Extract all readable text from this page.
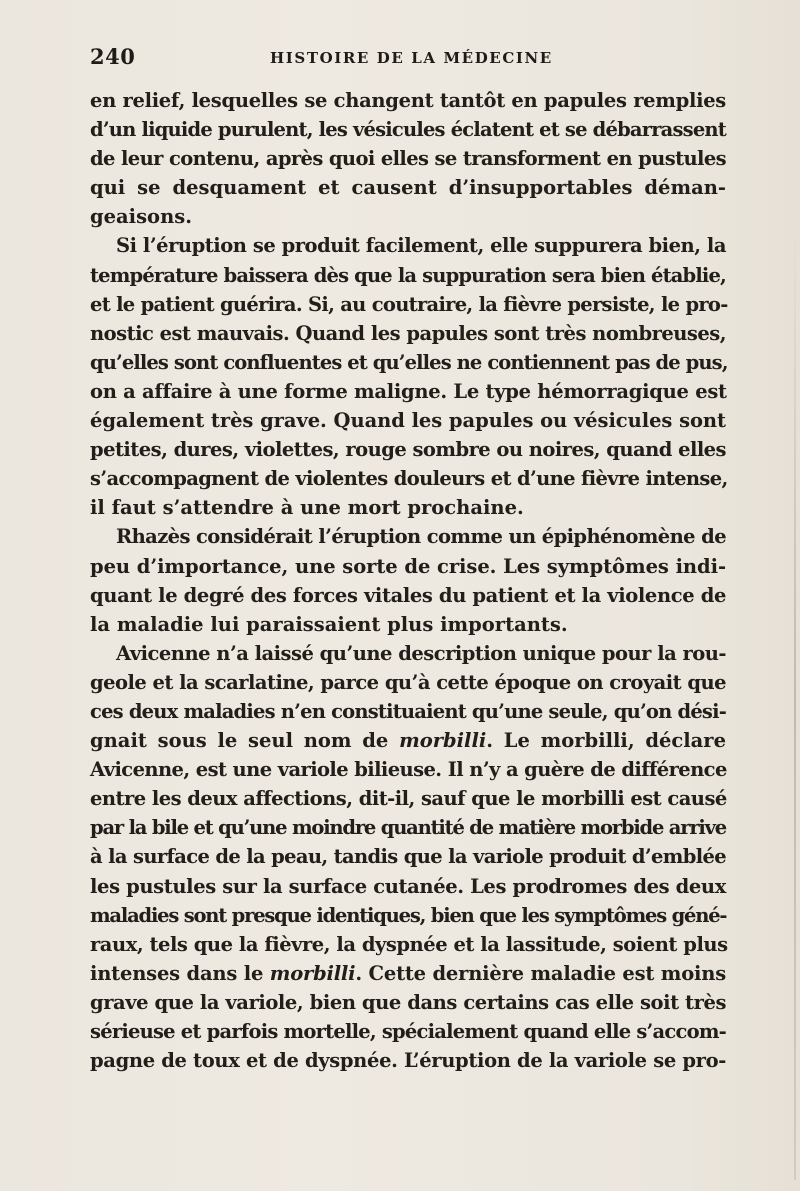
240	HISTOIRE DE LA MÉDECINE
en relief, lesquelles se changent tantôt en papules remplies
d’un liquide purulent, les vésicules éclatent et se débarrassent
de leur contenu, après quoi elles se transforment en pustules
qui se desquament et causent d’insupportables déman-
geaisons.
Si l’éruption se produit facilement, elle suppurera bien, la
température baissera dès que la suppuration sera bien établie,
et le patient guérira. Si, au coutraire, la fièvre persiste, le pro-
nostic est mauvais. Quand les papules sont très nombreuses,
qu’elles sont confluentes et qu’elles ne contiennent pas de pus,
on a affaire à une forme maligne. Le type hémorragique est
également très grave. Quand les papules ou vésicules sont
petites, dures, violettes, rouge sombre ou noires, quand elles
s’accompagnent de violentes douleurs et d’une fièvre intense,
il faut s’attendre à une mort prochaine.
Rhazès considérait l’éruption comme un épiphénomène de
peu d’importance, une sorte de crise. Les symptômes indi-
quant le degré des forces vitales du patient et la violence de
la maladie lui paraissaient plus importants.
Avicenne n’a laissé qu’une description unique pour la rou-
geole et la scarlatine, parce qu’à cette époque on croyait que
ces deux maladies n’en constituaient qu’une seule, qu’on dési-
gnait sous le seul nom de morbilli. Le morbilli, déclare
Avicenne, est une variole bilieuse. Il n’y a guère de différence
entre les deux affections, dit-il, sauf que le morbilli est causé
par la bile et qu’une moindre quantité de matière morbide arrive
à la surface de la peau, tandis que la variole produit d’emblée
les pustules sur la surface cutanée. Les prodromes des deux
maladies sont presque identiques, bien que les symptômes géné-
raux, tels que la fièvre, la dyspnée et la lassitude, soient plus
intenses dans le morbilli. Cette dernière maladie est moins
grave que la variole, bien que dans certains cas elle soit très
sérieuse et parfois mortelle, spécialement quand elle s’accom-
pagne de toux et de dyspnée. L’éruption de la variole se pro-
